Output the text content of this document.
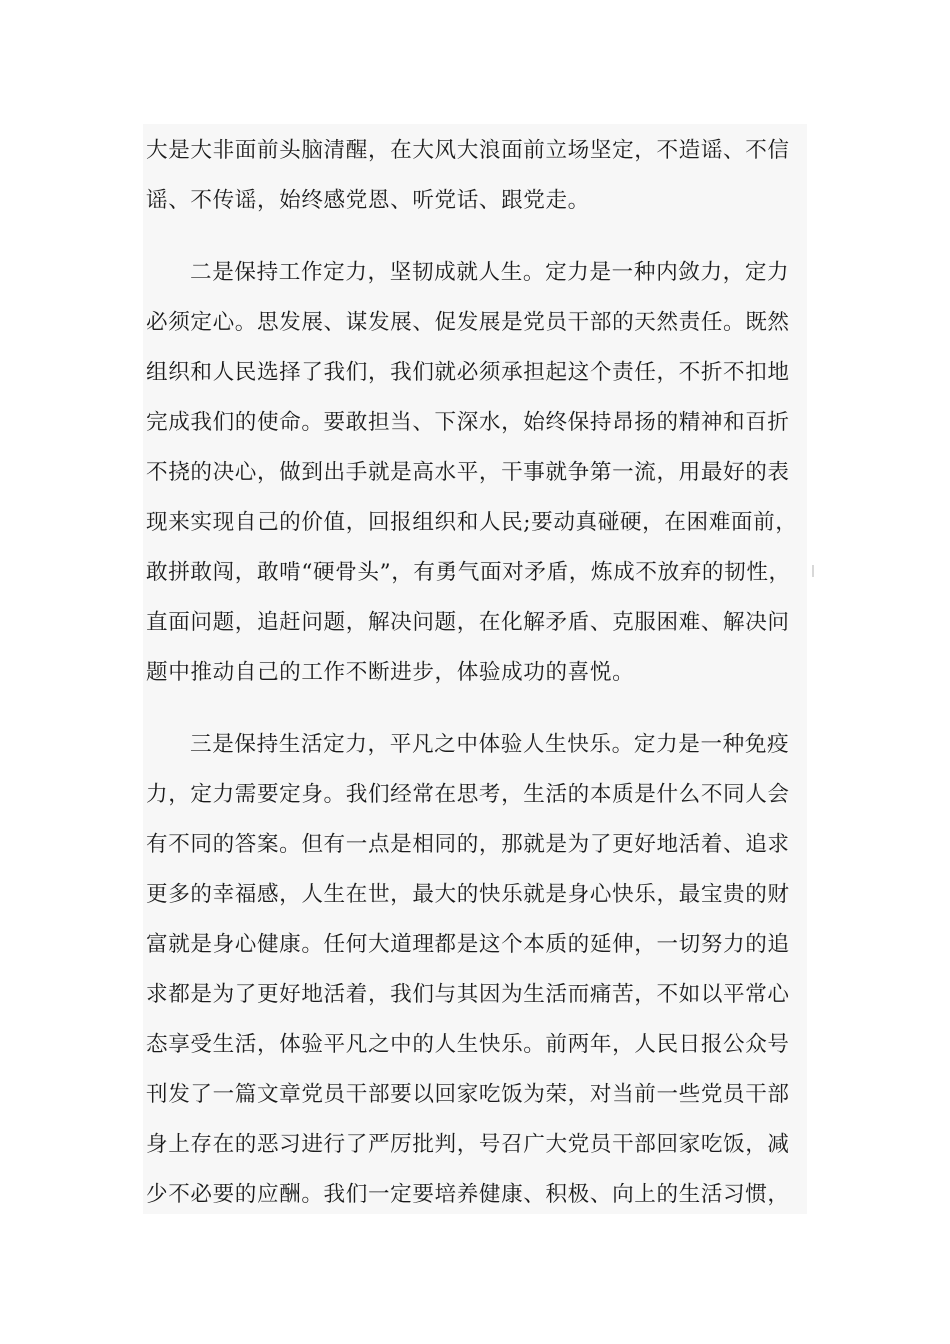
大是大非面前头脑清醒，在大风大浪面前立场坚定，不造谣、不信
谣、不传谣，始终感党恩、听党话、跟党走。
二是保持工作定力，坚韧成就人生。定力是一种内敛力，定力
必须定心。思发展、谋发展、促发展是党员干部的天然责任。既然
组织和人民选择了我们，我们就必须承担起这个责任，不折不扣地
完成我们的使命。要敢担当、下深水，始终保持昂扬的精神和百折
不挠的决心，做到出手就是高水平，干事就争第一流，用最好的表
现来实现自己的价值，回报组织和人民;要动真碰硬，在困难面前，
敢拼敢闯，敢啃“硬骨头”，有勇气面对矛盾，炼成不放弃的韧性，
直面问题，追赶问题，解决问题，在化解矛盾、克服困难、解决问
题中推动自己的工作不断进步，体验成功的喜悦。
三是保持生活定力，平凡之中体验人生快乐。定力是一种免疫
力，定力需要定身。我们经常在思考，生活的本质是什么不同人会
有不同的答案。但有一点是相同的，那就是为了更好地活着、追求
更多的幸福感，人生在世，最大的快乐就是身心快乐，最宝贵的财
富就是身心健康。任何大道理都是这个本质的延伸，一切努力的追
求都是为了更好地活着，我们与其因为生活而痛苦，不如以平常心
态享受生活，体验平凡之中的人生快乐。前两年，人民日报公众号
刊发了一篇文章党员干部要以回家吃饭为荣，对当前一些党员干部
身上存在的恶习进行了严厉批判，号召广大党员干部回家吃饭，减
少不必要的应酬。我们一定要培养健康、积极、向上的生活习惯，
